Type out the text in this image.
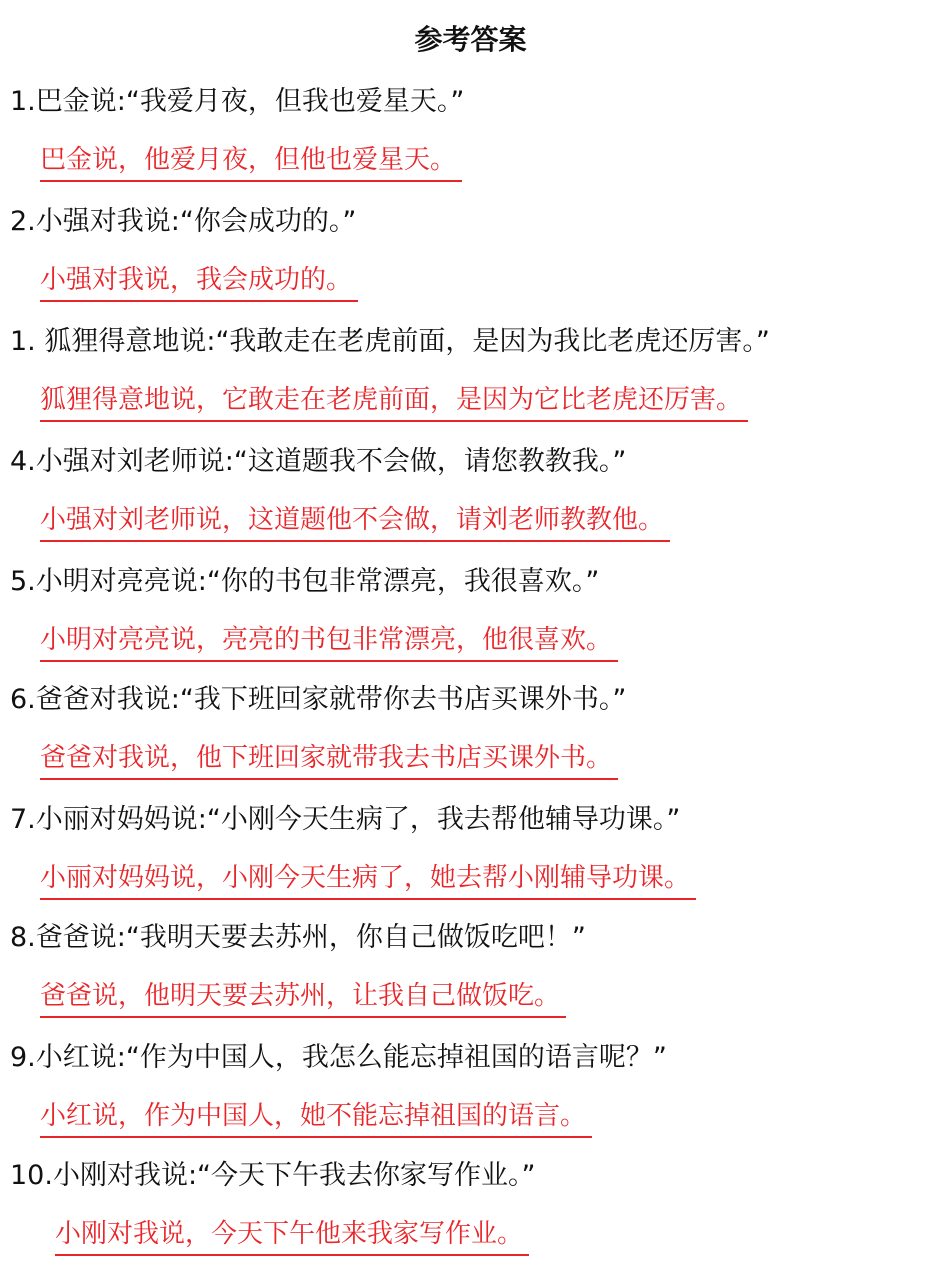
参考答案
1.巴金说:“我爱月夜，但我也爱星天。”
巴金说，他爱月夜，但他也爱星天。
2.小强对我说:“你会成功的。”
小强对我说，我会成功的。
1. 狐狸得意地说:“我敢走在老虎前面，是因为我比老虎还厉害。”
狐狸得意地说，它敢走在老虎前面，是因为它比老虎还厉害。
4.小强对刘老师说:“这道题我不会做，请您教教我。”
小强对刘老师说，这道题他不会做，请刘老师教教他。
5.小明对亮亮说:“你的书包非常漂亮，我很喜欢。”
小明对亮亮说，亮亮的书包非常漂亮，他很喜欢。
6.爸爸对我说:“我下班回家就带你去书店买课外书。”
爸爸对我说，他下班回家就带我去书店买课外书。
7.小丽对妈妈说:“小刚今天生病了，我去帮他辅导功课。”
小丽对妈妈说，小刚今天生病了，她去帮小刚辅导功课。
8.爸爸说:“我明天要去苏州，你自己做饭吃吧！”
爸爸说，他明天要去苏州，让我自己做饭吃。
9.小红说:“作为中国人，我怎么能忘掉祖国的语言呢？”
小红说，作为中国人，她不能忘掉祖国的语言。
10.小刚对我说:“今天下午我去你家写作业。”
小刚对我说，今天下午他来我家写作业。
